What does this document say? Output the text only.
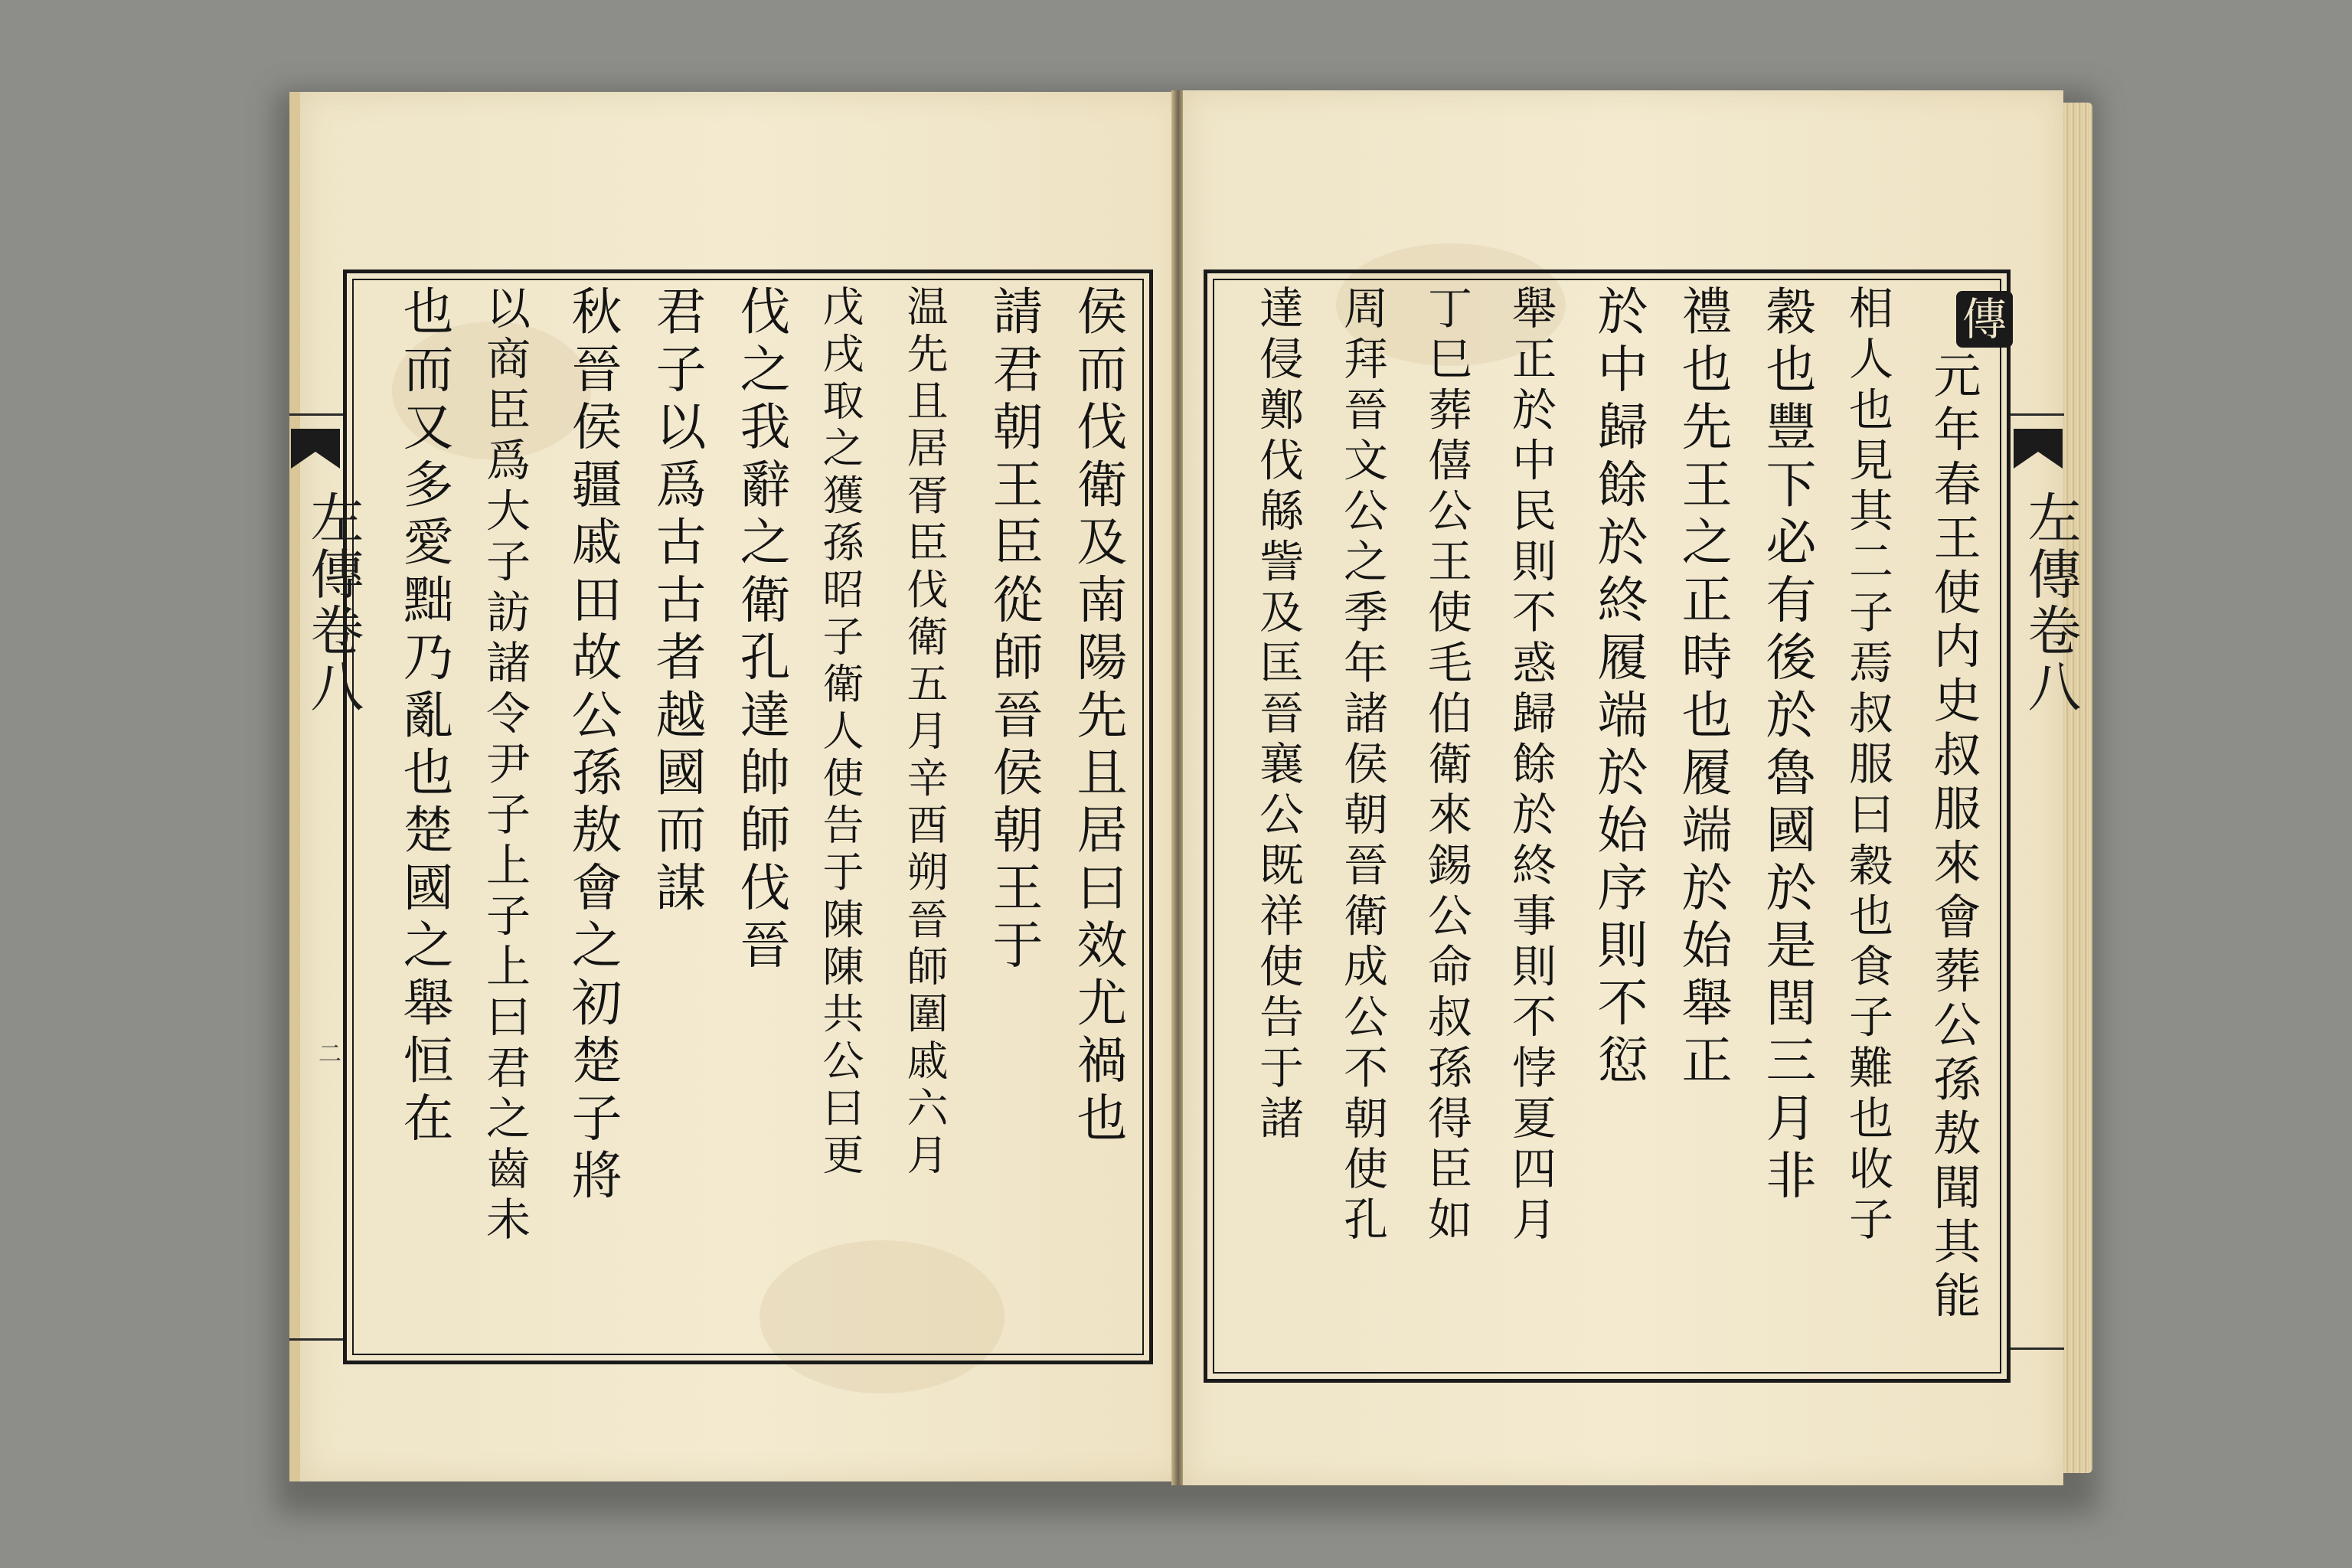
左傳卷八
二	侯而伐衛及南陽先且居曰效尤禍也
請君朝王臣從師晉侯朝王于
温先且居胥臣伐衛五月辛酉朔晉師圍戚六月
戊戌取之獲孫昭子衛人使告于陳陳共公曰更
伐之我辭之衛孔達帥師伐晉
君子以爲古古者越國而謀
秋晉侯疆戚田故公孫敖會之初楚子將
以商臣爲大子訪諸令尹子上子上曰君之齒未
也而又多愛黜乃亂也楚國之舉恒在	左傳卷八
傳
元年春王使内史叔服來會葬公孫敖聞其能
相人也見其二子焉叔服曰穀也食子難也收子
穀也豐下必有後於魯國於是閏三月非
禮也先王之正時也履端於始舉正
於中歸餘於終履端於始序則不愆
舉正於中民則不惑歸餘於終事則不悖夏四月
丁巳葬僖公王使毛伯衛來錫公命叔孫得臣如
周拜晉文公之季年諸侯朝晉衛成公不朝使孔
達侵鄭伐緜訾及匡晉襄公既祥使告于諸
